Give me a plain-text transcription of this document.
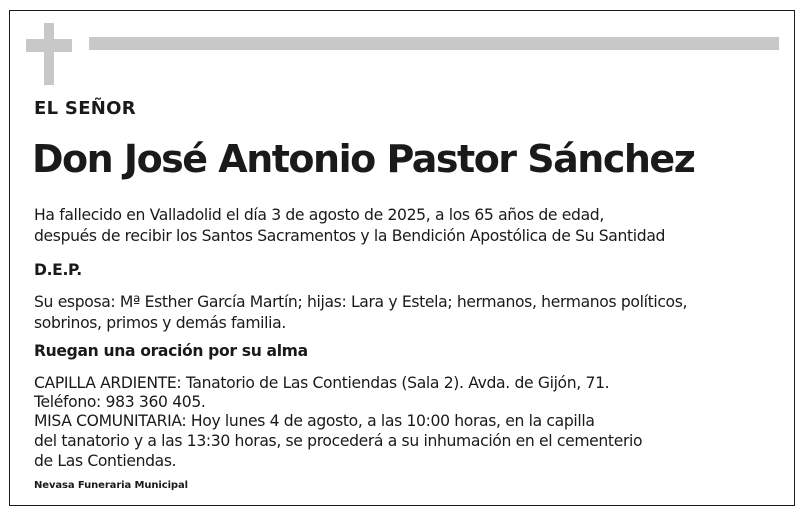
EL SEÑOR
Don José Antonio Pastor Sánchez
Ha fallecido en Valladolid el día 3 de agosto de 2025, a los 65 años de edad,
después de recibir los Santos Sacramentos y la Bendición Apostólica de Su Santidad
D.E.P.
Su esposa: Mª Esther García Martín; hijas: Lara y Estela; hermanos, hermanos políticos,
sobrinos, primos y demás familia.
Ruegan una oración por su alma
CAPILLA ARDIENTE: Tanatorio de Las Contiendas (Sala 2). Avda. de Gijón, 71.
Teléfono: 983 360 405.
MISA COMUNITARIA: Hoy lunes 4 de agosto, a las 10:00 horas, en la capilla
del tanatorio y a las 13:30 horas, se procederá a su inhumación en el cementerio
de Las Contiendas.
Nevasa Funeraria Municipal
